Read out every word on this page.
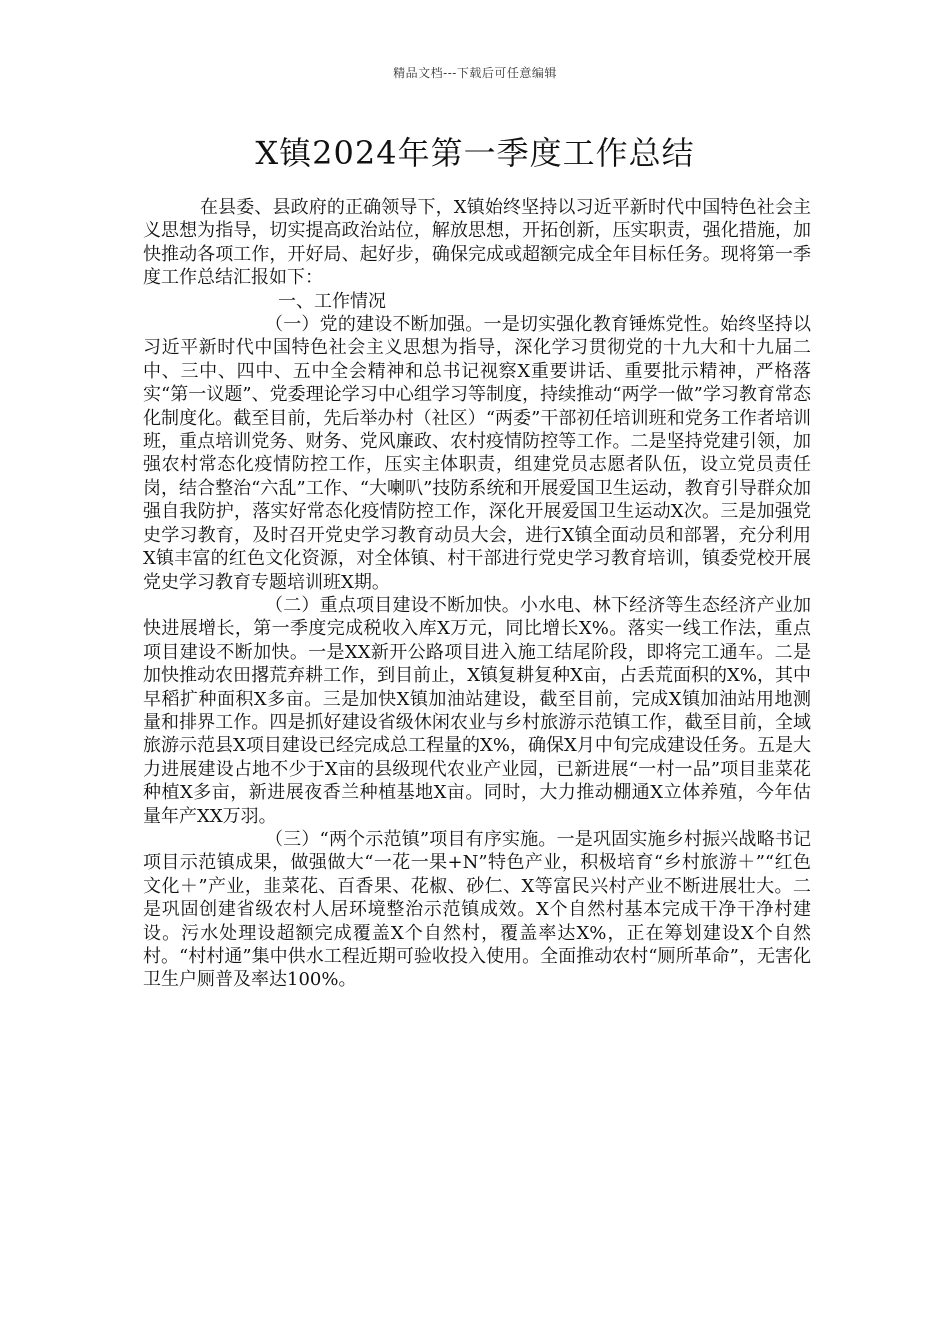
精品文档---下载后可任意编辑
X镇2024年第一季度工作总结

在县委、县政府的正确领导下，X镇始终坚持以习近平新时代中国特色社会主义思想为指导，切实提高政治站位，解放思想，开拓创新，压实职责，强化措施，加快推动各项工作，开好局、起好步，确保完成或超额完成全年目标任务。现将第一季度工作总结汇报如下：

一、工作情况

（一）党的建设不断加强。一是切实强化教育锤炼党性。始终坚持以习近平新时代中国特色社会主义思想为指导，深化学习贯彻党的十九大和十九届二中、三中、四中、五中全会精神和总书记视察X重要讲话、重要批示精神，严格落实“第一议题”、党委理论学习中心组学习等制度，持续推动“两学一做”学习教育常态化制度化。截至目前，先后举办村（社区）“两委”干部初任培训班和党务工作者培训班，重点培训党务、财务、党风廉政、农村疫情防控等工作。二是坚持党建引领，加强农村常态化疫情防控工作，压实主体职责，组建党员志愿者队伍，设立党员责任岗，结合整治“六乱”工作、“大喇叭”技防系统和开展爱国卫生运动，教育引导群众加强自我防护，落实好常态化疫情防控工作，深化开展爱国卫生运动X次。三是加强党史学习教育，及时召开党史学习教育动员大会，进行X镇全面动员和部署，充分利用X镇丰富的红色文化资源，对全体镇、村干部进行党史学习教育培训，镇委党校开展党史学习教育专题培训班X期。

（二）重点项目建设不断加快。小水电、林下经济等生态经济产业加快进展增长，第一季度完成税收入库X万元，同比增长X%。落实一线工作法，重点项目建设不断加快。一是XX新开公路项目进入施工结尾阶段，即将完工通车。二是加快推动农田撂荒弃耕工作，到目前止，X镇复耕复种X亩，占丢荒面积的X%，其中早稻扩种面积X多亩。三是加快X镇加油站建设，截至目前，完成X镇加油站用地测量和排界工作。四是抓好建设省级休闲农业与乡村旅游示范镇工作，截至目前，全域旅游示范县X项目建设已经完成总工程量的X%，确保X月中旬完成建设任务。五是大力进展建设占地不少于X亩的县级现代农业产业园，已新进展“一村一品”项目韭菜花种植X多亩，新进展夜香兰种植基地X亩。同时，大力推动棚通X立体养殖，今年估量年产XX万羽。

（三）“两个示范镇”项目有序实施。一是巩固实施乡村振兴战略书记项目示范镇成果，做强做大“一花一果+N”特色产业，积极培育“乡村旅游＋”“红色文化＋”产业，韭菜花、百香果、花椒、砂仁、X等富民兴村产业不断进展壮大。二是巩固创建省级农村人居环境整治示范镇成效。X个自然村基本完成干净干净村建设。污水处理设超额完成覆盖X个自然村，覆盖率达X%，正在筹划建设X个自然村。“村村通”集中供水工程近期可验收投入使用。全面推动农村“厕所革命”，无害化卫生户厕普及率达100%。
